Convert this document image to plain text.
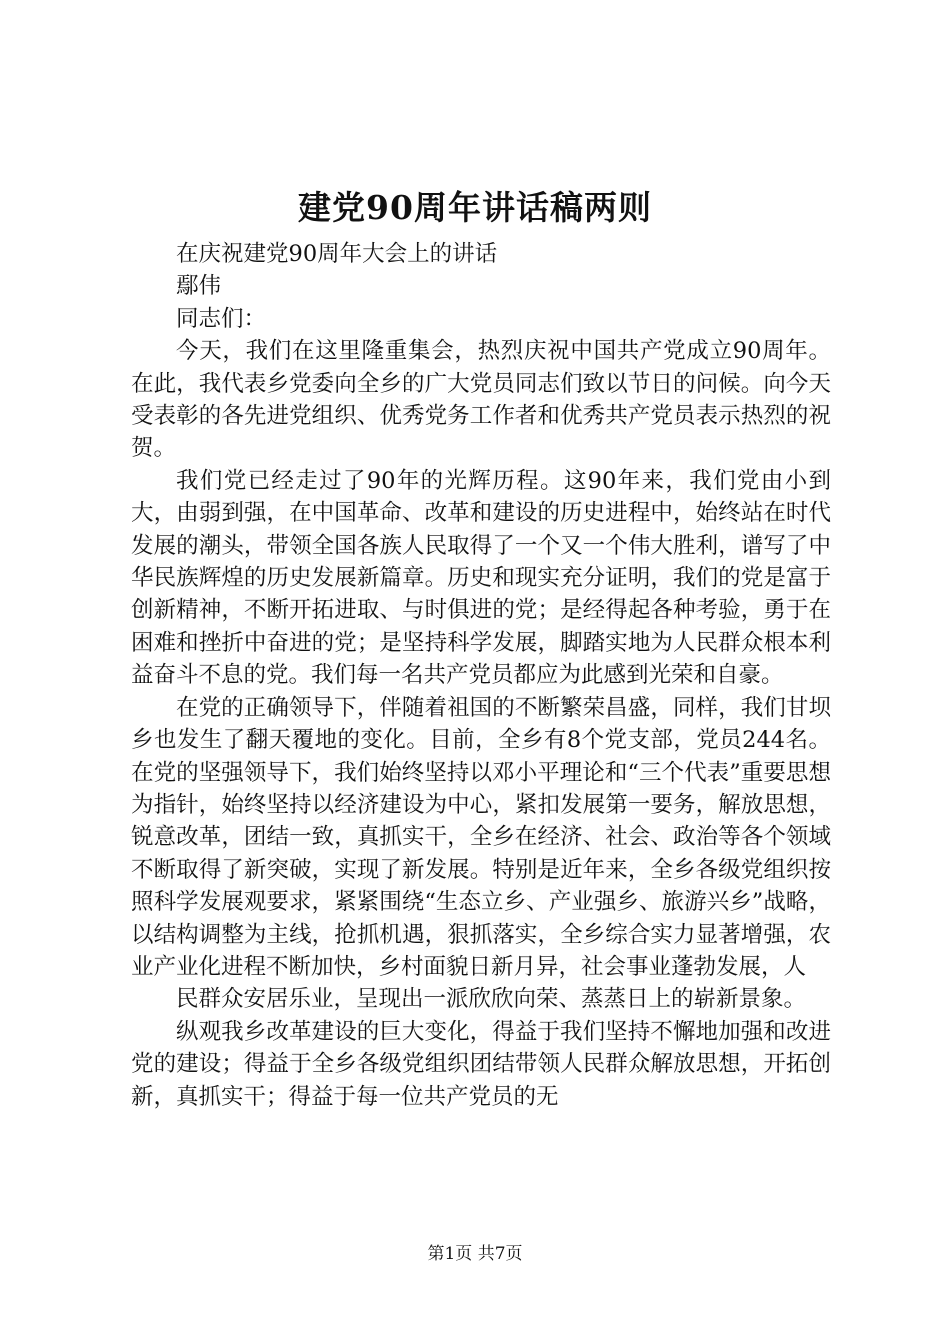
建党90周年讲话稿两则
在庆祝建党90周年大会上的讲话
鄢伟
同志们：

今天，我们在这里隆重集会，热烈庆祝中国共产党成立90周年。在此，我代表乡党委向全乡的广大党员同志们致以节日的问候。向今天受表彰的各先进党组织、优秀党务工作者和优秀共产党员表示热烈的祝贺。

我们党已经走过了90年的光辉历程。这90年来，我们党由小到大，由弱到强，在中国革命、改革和建设的历史进程中，始终站在时代发展的潮头，带领全国各族人民取得了一个又一个伟大胜利，谱写了中华民族辉煌的历史发展新篇章。历史和现实充分证明，我们的党是富于创新精神，不断开拓进取、与时俱进的党；是经得起各种考验，勇于在困难和挫折中奋进的党；是坚持科学发展，脚踏实地为人民群众根本利益奋斗不息的党。我们每一名共产党员都应为此感到光荣和自豪。

在党的正确领导下，伴随着祖国的不断繁荣昌盛，同样，我们甘坝乡也发生了翻天覆地的变化。目前，全乡有8个党支部，党员244名。在党的坚强领导下，我们始终坚持以邓小平理论和“三个代表”重要思想为指针，始终坚持以经济建设为中心，紧扣发展第一要务，解放思想，锐意改革，团结一致，真抓实干，全乡在经济、社会、政治等各个领域不断取得了新突破，实现了新发展。特别是近年来，全乡各级党组织按照科学发展观要求，紧紧围绕“生态立乡、产业强乡、旅游兴乡”战略，以结构调整为主线，抢抓机遇，狠抓落实，全乡综合实力显著增强，农业产业化进程不断加快，乡村面貌日新月异，社会事业蓬勃发展，人

民群众安居乐业，呈现出一派欣欣向荣、蒸蒸日上的崭新景象。

纵观我乡改革建设的巨大变化，得益于我们坚持不懈地加强和改进党的建设；得益于全乡各级党组织团结带领人民群众解放思想，开拓创新，真抓实干；得益于每一位共产党员的无

第1页 共7页
